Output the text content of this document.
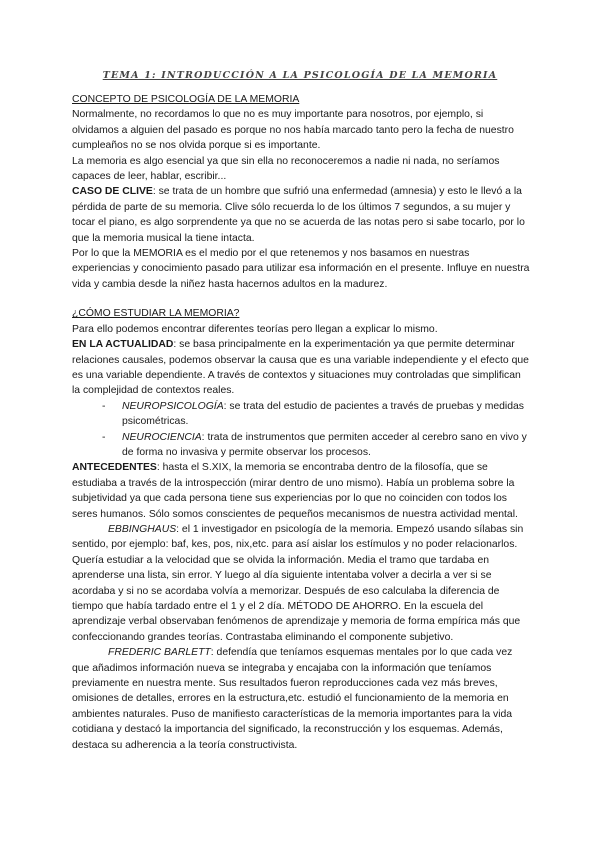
TEMA 1: INTRODUCCIÓN A LA PSICOLOGÍA DE LA MEMORIA

CONCEPTO DE PSICOLOGÍA DE LA MEMORIA

Normalmente, no recordamos lo que no es muy importante para nosotros, por ejemplo, si olvidamos a alguien del pasado es porque no nos había marcado tanto pero la fecha de nuestro cumpleaños no se nos olvida porque si es importante.

La memoria es algo esencial ya que sin ella no reconoceremos a nadie ni nada, no seríamos capaces de leer, hablar, escribir...

CASO DE CLIVE: se trata de un hombre que sufrió una enfermedad (amnesia) y esto le llevó a la pérdida de parte de su memoria. Clive sólo recuerda lo de los últimos 7 segundos, a su mujer y tocar el piano, es algo sorprendente ya que no se acuerda de las notas pero si sabe tocarlo, por lo que la memoria musical la tiene intacta.

Por lo que la MEMORIA es el medio por el que retenemos y nos basamos en nuestras experiencias y conocimiento pasado para utilizar esa información en el presente. Influye en nuestra vida y cambia desde la niñez hasta hacernos adultos en la madurez.

¿CÓMO ESTUDIAR LA MEMORIA?

Para ello podemos encontrar diferentes teorías pero llegan a explicar lo mismo.

EN LA ACTUALIDAD: se basa principalmente en la experimentación ya que permite determinar relaciones causales, podemos observar la causa que es una variable independiente y el efecto que es una variable dependiente. A través de contextos y situaciones muy controladas que simplifican la complejidad de contextos reales.

- NEUROPSICOLOGÍA: se trata del estudio de pacientes a través de pruebas y medidas psicométricas.
- NEUROCIENCIA: trata de instrumentos que permiten acceder al cerebro sano en vivo y de forma no invasiva y permite observar los procesos.

ANTECEDENTES: hasta el S.XIX, la memoria se encontraba dentro de la filosofía, que se estudiaba a través de la introspección (mirar dentro de uno mismo). Había un problema sobre la subjetividad ya que cada persona tiene sus experiencias por lo que no coinciden con todos los seres humanos. Sólo somos conscientes de pequeños mecanismos de nuestra actividad mental.

EBBINGHAUS: el 1 investigador en psicología de la memoria. Empezó usando sílabas sin sentido, por ejemplo: baf, kes, pos, nix,etc. para así aislar los estímulos y no poder relacionarlos. Quería estudiar a la velocidad que se olvida la información. Media el tramo que tardaba en aprenderse una lista, sin error. Y luego al día siguiente intentaba volver a decirla a ver si se acordaba y si no se acordaba volvía a memorizar. Después de eso calculaba la diferencia de tiempo que había tardado entre el 1 y el 2 día. MÉTODO DE AHORRO. En la escuela del aprendizaje verbal observaban fenómenos de aprendizaje y memoria de forma empírica más que confeccionando grandes teorías. Contrastaba eliminando el componente subjetivo.

FREDERIC BARLETT: defendía que teníamos esquemas mentales por lo que cada vez que añadimos información nueva se integraba y encajaba con la información que teníamos previamente en nuestra mente. Sus resultados fueron reproducciones cada vez más breves, omisiones de detalles, errores en la estructura,etc. estudió el funcionamiento de la memoria en ambientes naturales. Puso de manifiesto características de la memoria importantes para la vida cotidiana y destacó la importancia del significado, la reconstrucción y los esquemas. Además, destaca su adherencia a la teoría constructivista.
